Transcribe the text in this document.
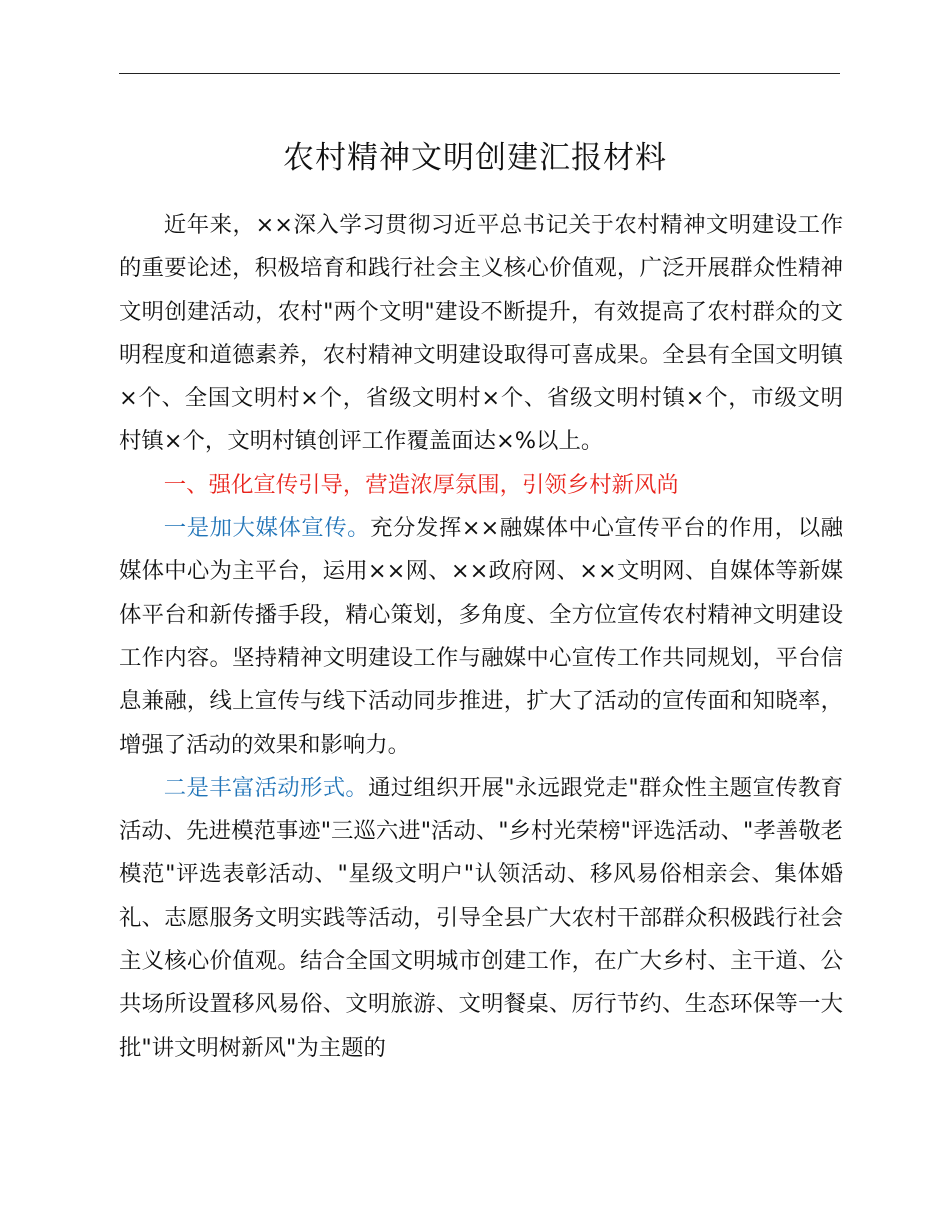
农村精神文明创建汇报材料

近年来，××深入学习贯彻习近平总书记关于农村精神文明建设工作的重要论述，积极培育和践行社会主义核心价值观，广泛开展群众性精神文明创建活动，农村"两个文明"建设不断提升，有效提高了农村群众的文明程度和道德素养，农村精神文明建设取得可喜成果。全县有全国文明镇×个、全国文明村×个，省级文明村×个、省级文明村镇×个，市级文明村镇×个，文明村镇创评工作覆盖面达×%以上。

一、强化宣传引导，营造浓厚氛围，引领乡村新风尚

一是加大媒体宣传。充分发挥××融媒体中心宣传平台的作用，以融媒体中心为主平台，运用××网、××政府网、××文明网、自媒体等新媒体平台和新传播手段，精心策划，多角度、全方位宣传农村精神文明建设工作内容。坚持精神文明建设工作与融媒中心宣传工作共同规划，平台信息兼融，线上宣传与线下活动同步推进，扩大了活动的宣传面和知晓率，增强了活动的效果和影响力。

二是丰富活动形式。通过组织开展"永远跟党走"群众性主题宣传教育活动、先进模范事迹"三巡六进"活动、"乡村光荣榜"评选活动、"孝善敬老模范"评选表彰活动、"星级文明户"认领活动、移风易俗相亲会、集体婚礼、志愿服务文明实践等活动，引导全县广大农村干部群众积极践行社会主义核心价值观。结合全国文明城市创建工作，在广大乡村、主干道、公共场所设置移风易俗、文明旅游、文明餐桌、厉行节约、生态环保等一大批"讲文明树新风"为主题的
